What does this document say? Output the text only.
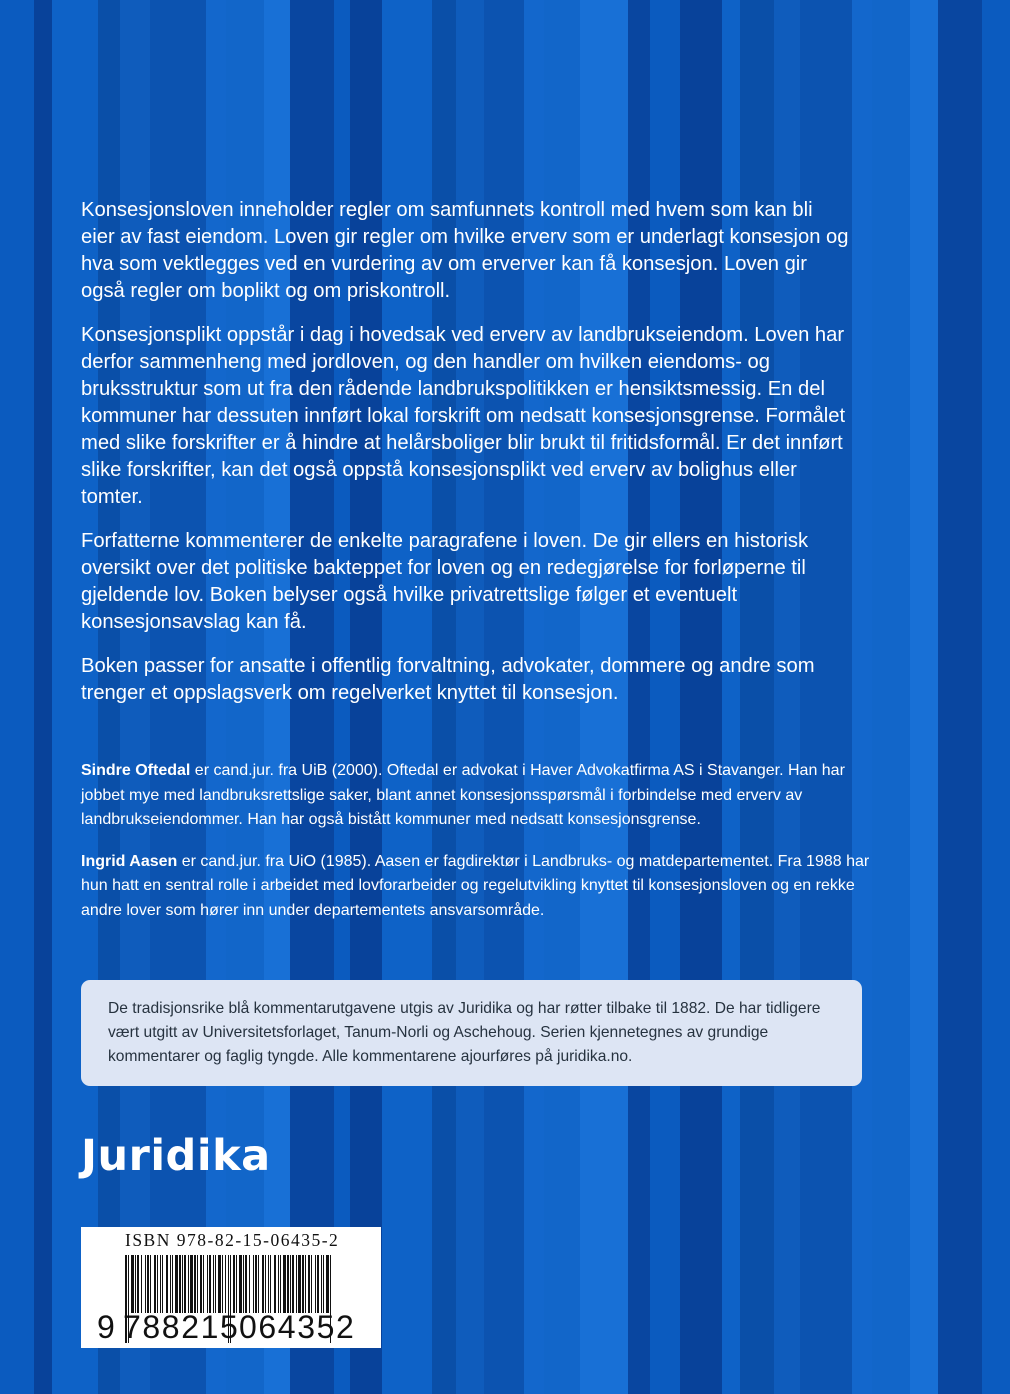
Konsesjonsloven inneholder regler om samfunnets kontroll med hvem som kan bli eier av fast eiendom. Loven gir regler om hvilke erverv som er underlagt konsesjon og hva som vektlegges ved en vurdering av om erverver kan få konsesjon. Loven gir også regler om boplikt og om priskontroll.

Konsesjonsplikt oppstår i dag i hovedsak ved erverv av landbrukseiendom. Loven har derfor sammenheng med jordloven, og den handler om hvilken eiendoms- og bruksstruktur som ut fra den rådende landbrukspolitikken er hensiktsmessig. En del kommuner har dessuten innført lokal forskrift om nedsatt konsesjonsgrense. Formålet med slike forskrifter er å hindre at helårsboliger blir brukt til fritidsformål. Er det innført slike forskrifter, kan det også oppstå konsesjonsplikt ved erverv av bolighus eller tomter.

Forfatterne kommenterer de enkelte paragrafene i loven. De gir ellers en historisk oversikt over det politiske bakteppet for loven og en redegjørelse for forløperne til gjeldende lov. Boken belyser også hvilke privatrettslige følger et eventuelt konsesjonsavslag kan få.

Boken passer for ansatte i offentlig forvaltning, advokater, dommere og andre som trenger et oppslagsverk om regelverket knyttet til konsesjon.

Sindre Oftedal er cand.jur. fra UiB (2000). Oftedal er advokat i Haver Advokatfirma AS i Stavanger. Han har jobbet mye med landbruksrettslige saker, blant annet konsesjonsspørsmål i forbindelse med erverv av landbrukseiendommer. Han har også bistått kommuner med nedsatt konsesjonsgrense.

Ingrid Aasen er cand.jur. fra UiO (1985). Aasen er fagdirektør i Landbruks- og matdepartementet. Fra 1988 har hun hatt en sentral rolle i arbeidet med lovforarbeider og regelutvikling knyttet til konsesjonsloven og en rekke andre lover som hører inn under departementets ansvarsområde.

De tradisjonsrike blå kommentarutgavene utgis av Juridika og har røtter tilbake til 1882. De har tidligere vært utgitt av Universitetsforlaget, Tanum-Norli og Aschehoug. Serien kjennetegnes av grundige kommentarer og faglig tyngde. Alle kommentarene ajourføres på juridika.no.
Juridika
ISBN 978-82-15-06435-2
9 788215 064352
